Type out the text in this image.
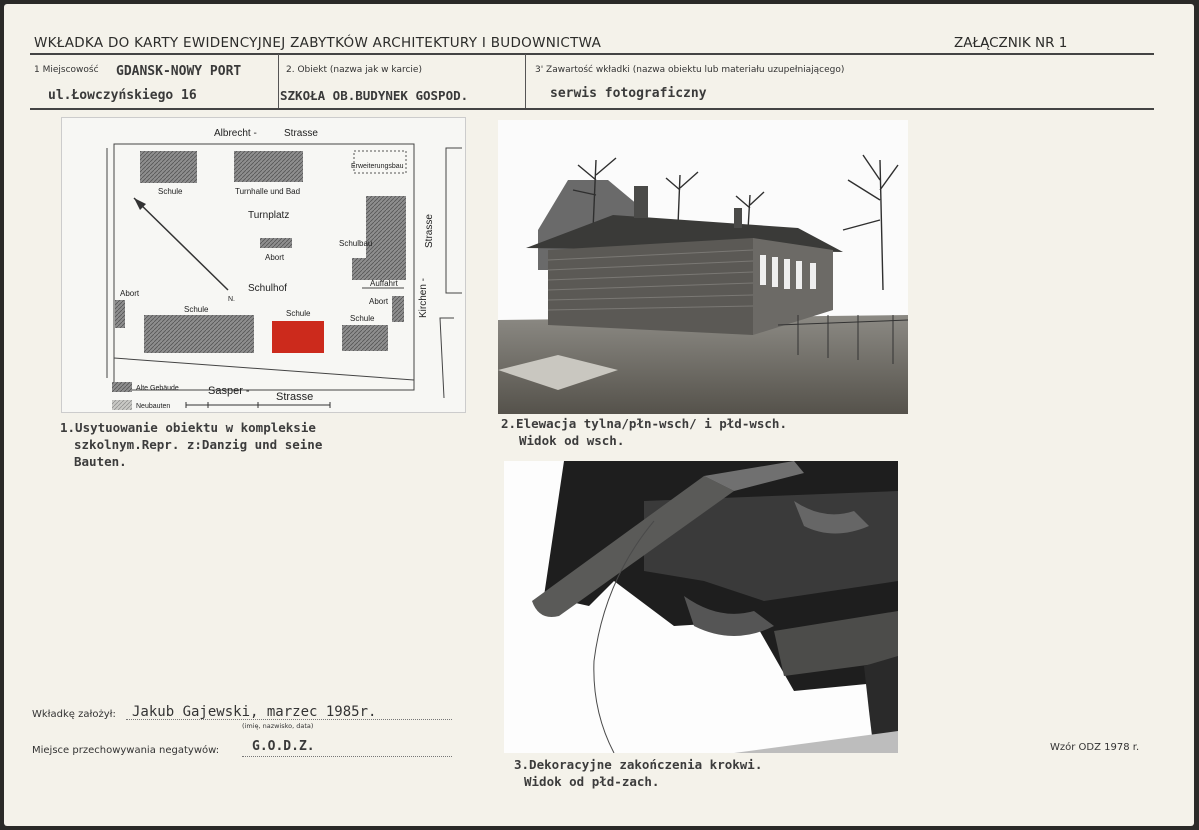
WKŁADKA DO KARTY EWIDENCYJNEJ ZABYTKÓW ARCHITEKTURY I BUDOWNICTWA	ZAŁĄCZNIK NR 1
1 Miejscowość GDANSK-NOWY PORT
ul.Łowczyńskiego 16
2. Obiekt (nazwa jak w karcie)
SZKOŁA OB.BUDYNEK GOSPOD.
3' Zawartość wkładki (nazwa obiektu lub materiału uzupełniającego)
serwis fotograficzny
Albrecht -	Strasse
Schule	Turnhalle und Bad
Erweiterungsbau
Turnplatz
Schulbau
Abort
Schulhof
N.
Auffahrt
Abort
Abort
Schule	Schule
Schule
Kirchen -
Strasse
Sasper - Strasse
Alte Gebäude
Neubauten
1.Usytuowanie obiektu w kompleksie
szkolnym.Repr. z:Danzig und seine
Bauten.
2.Elewacja tylna/płn-wsch/ i płd-wsch.
Widok od wsch.
3.Dekoracyjne zakończenia krokwi.
Widok od płd-zach.
Wkładkę założył: Jakub Gajewski, marzec 1985r.
(imię, nazwisko, data)
Miejsce przechowywania negatywów:	G.O.D.Z.	Wzór ODZ 1978 r.
